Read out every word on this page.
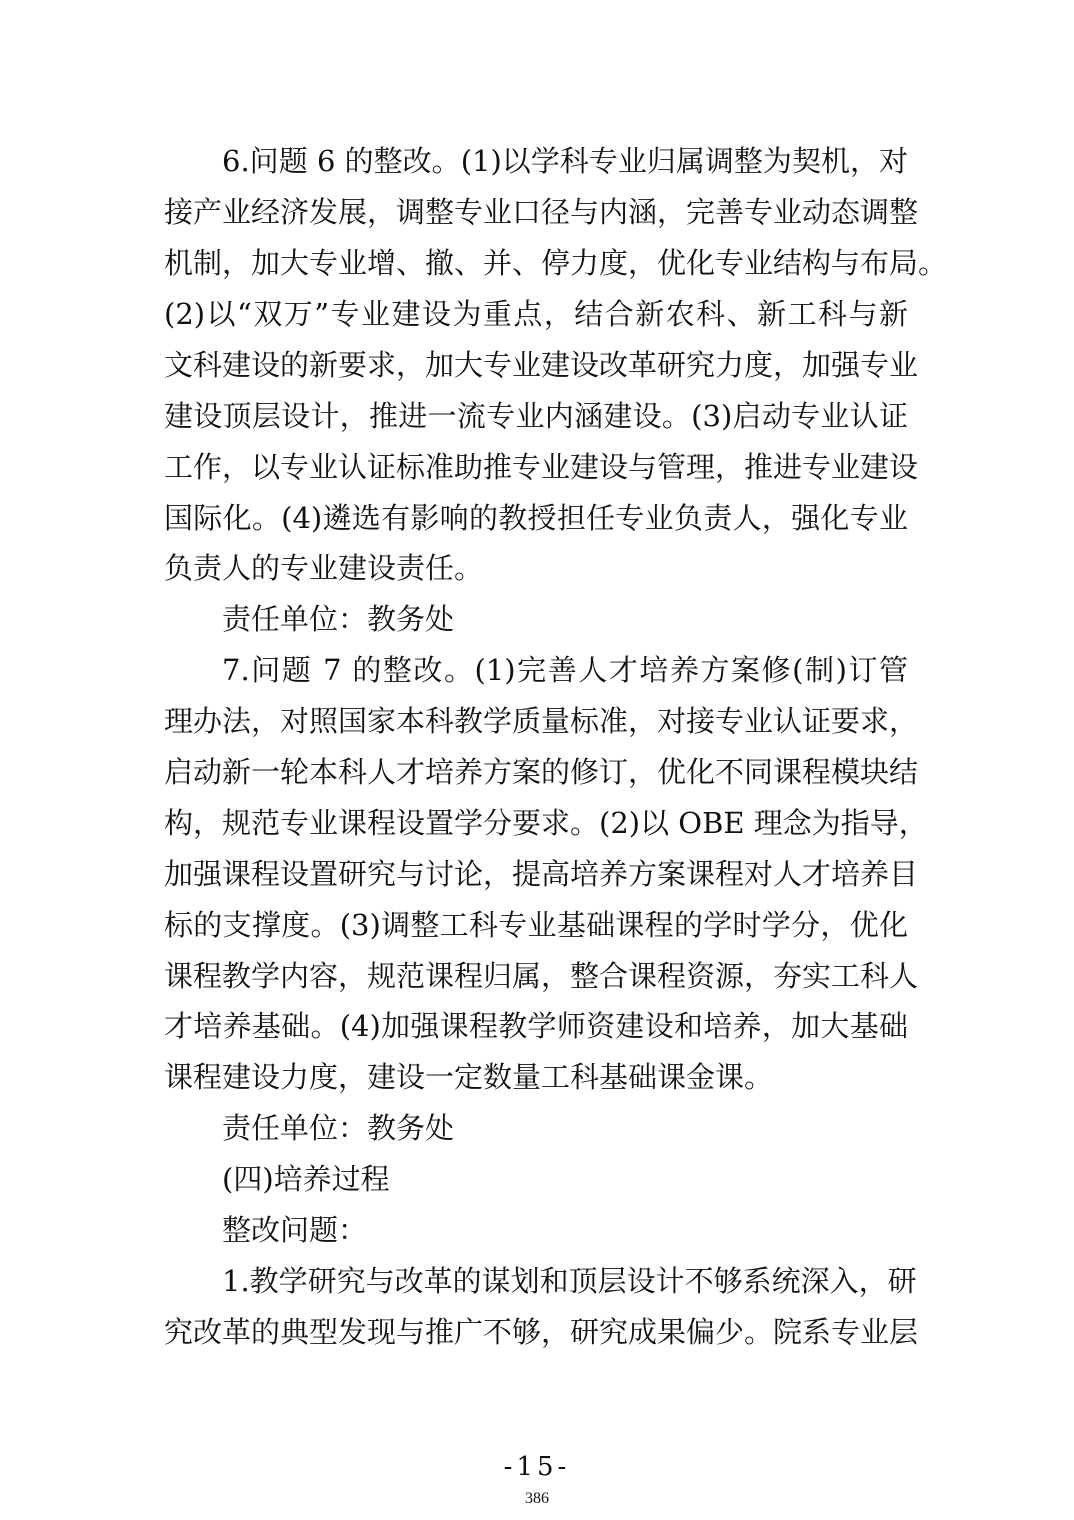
6.问题 6 的整改。(1)以学科专业归属调整为契机，对
接产业经济发展，调整专业口径与内涵，完善专业动态调整
机制，加大专业增、撤、并、停力度，优化专业结构与布局。
(2)以“双万”专业建设为重点，结合新农科、新工科与新
文科建设的新要求，加大专业建设改革研究力度，加强专业
建设顶层设计，推进一流专业内涵建设。(3)启动专业认证
工作，以专业认证标准助推专业建设与管理，推进专业建设
国际化。(4)遴选有影响的教授担任专业负责人，强化专业
负责人的专业建设责任。
责任单位：教务处
7.问题 7 的整改。(1)完善人才培养方案修(制)订管
理办法，对照国家本科教学质量标准，对接专业认证要求，
启动新一轮本科人才培养方案的修订，优化不同课程模块结
构，规范专业课程设置学分要求。(2)以 OBE 理念为指导，
加强课程设置研究与讨论，提高培养方案课程对人才培养目
标的支撑度。(3)调整工科专业基础课程的学时学分，优化
课程教学内容，规范课程归属，整合课程资源，夯实工科人
才培养基础。(4)加强课程教学师资建设和培养，加大基础
课程建设力度，建设一定数量工科基础课金课。
责任单位：教务处
(四)培养过程
整改问题：
1.教学研究与改革的谋划和顶层设计不够系统深入，研
究改革的典型发现与推广不够，研究成果偏少。院系专业层
-15-
386
